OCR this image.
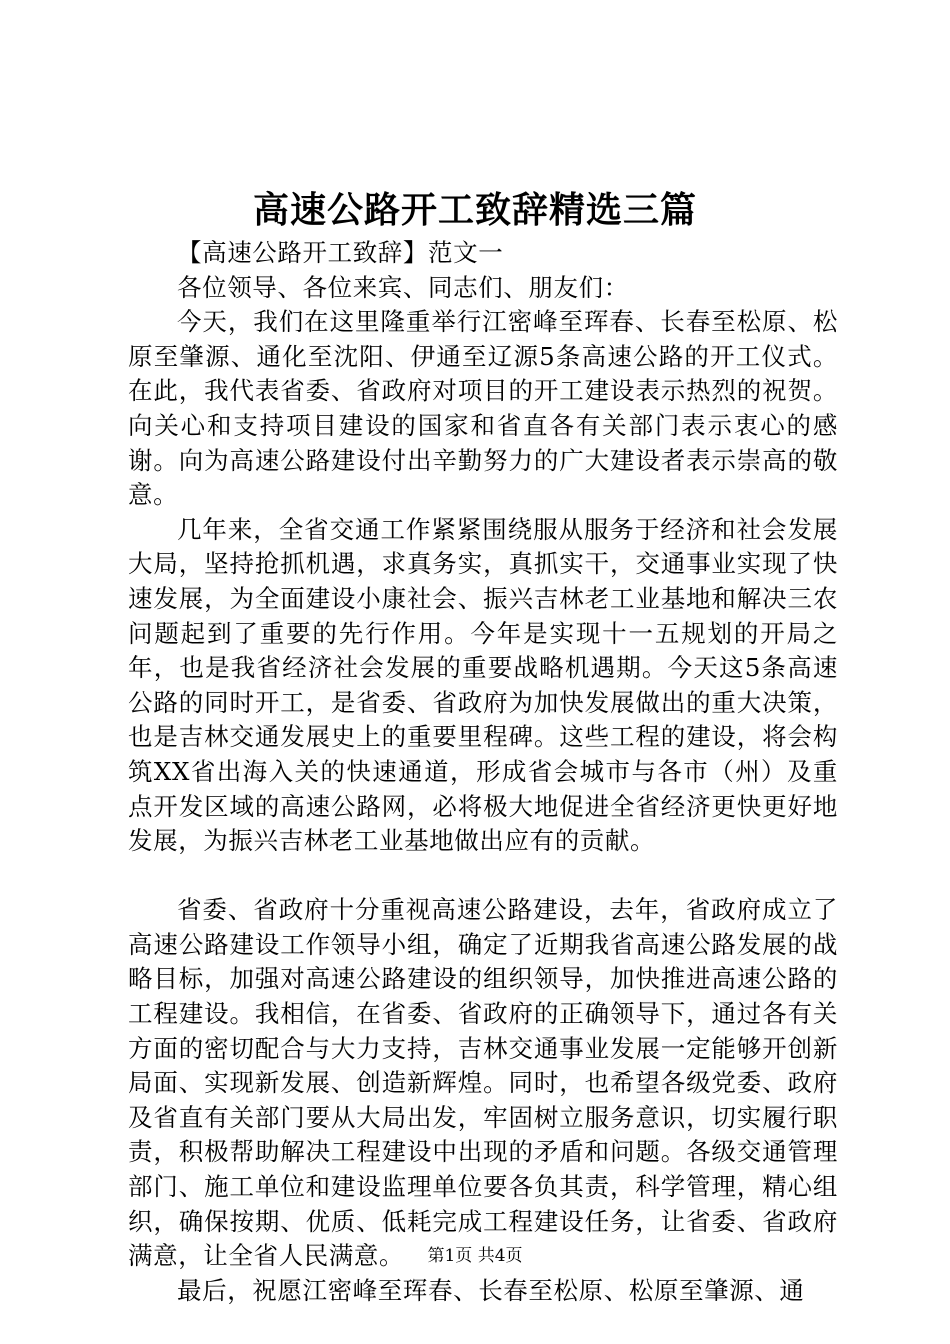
高速公路开工致辞精选三篇

【高速公路开工致辞】范文一

各位领导、各位来宾、同志们、朋友们：

今天，我们在这里隆重举行江密峰至珲春、长春至松原、松原至肇源、通化至沈阳、伊通至辽源5条高速公路的开工仪式。在此，我代表省委、省政府对项目的开工建设表示热烈的祝贺。向关心和支持项目建设的国家和省直各有关部门表示衷心的感谢。向为高速公路建设付出辛勤努力的广大建设者表示崇高的敬意。

几年来，全省交通工作紧紧围绕服从服务于经济和社会发展大局，坚持抢抓机遇，求真务实，真抓实干，交通事业实现了快速发展，为全面建设小康社会、振兴吉林老工业基地和解决三农问题起到了重要的先行作用。今年是实现十一五规划的开局之年，也是我省经济社会发展的重要战略机遇期。今天这5条高速公路的同时开工，是省委、省政府为加快发展做出的重大决策，也是吉林交通发展史上的重要里程碑。这些工程的建设，将会构筑XX省出海入关的快速通道，形成省会城市与各市（州）及重点开发区域的高速公路网，必将极大地促进全省经济更快更好地发展，为振兴吉林老工业基地做出应有的贡献。

省委、省政府十分重视高速公路建设，去年，省政府成立了高速公路建设工作领导小组，确定了近期我省高速公路发展的战略目标，加强对高速公路建设的组织领导，加快推进高速公路的工程建设。我相信，在省委、省政府的正确领导下，通过各有关方面的密切配合与大力支持，吉林交通事业发展一定能够开创新局面、实现新发展、创造新辉煌。同时，也希望各级党委、政府及省直有关部门要从大局出发，牢固树立服务意识，切实履行职责，积极帮助解决工程建设中出现的矛盾和问题。各级交通管理部门、施工单位和建设监理单位要各负其责，科学管理，精心组织，确保按期、优质、低耗完成工程建设任务，让省委、省政府满意，让全省人民满意。

最后，祝愿江密峰至珲春、长春至松原、松原至肇源、通

第1页 共4页
